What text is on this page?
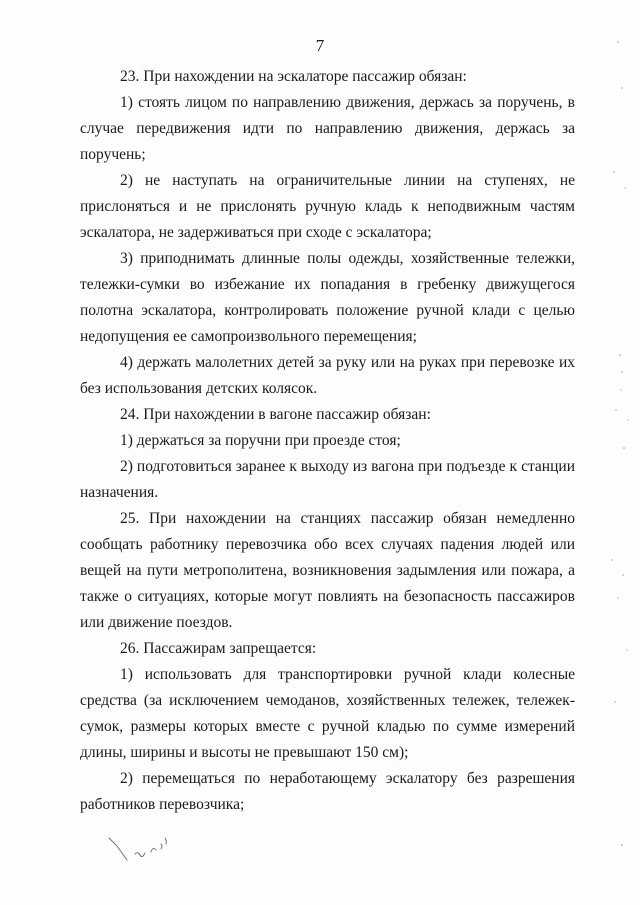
7

23. При нахождении на эскалаторе пассажир обязан:

1) стоять лицом по направлению движения, держась за поручень, в случае передвижения идти по направлению движения, держась за поручень;

2) не наступать на ограничительные линии на ступенях, не прислоняться и не прислонять ручную кладь к неподвижным частям эскалатора, не задерживаться при сходе с эскалатора;

3) приподнимать длинные полы одежды, хозяйственные тележки, тележки-сумки во избежание их попадания в гребенку движущегося полотна эскалатора, контролировать положение ручной клади с целью недопущения ее самопроизвольного перемещения;

4) держать малолетних детей за руку или на руках при перевозке их без использования детских колясок.

24. При нахождении в вагоне пассажир обязан:

1) держаться за поручни при проезде стоя;

2) подготовиться заранее к выходу из вагона при подъезде к станции назначения.

25. При нахождении на станциях пассажир обязан немедленно сообщать работнику перевозчика обо всех случаях падения людей или вещей на пути метрополитена, возникновения задымления или пожара, а также о ситуациях, которые могут повлиять на безопасность пассажиров или движение поездов.

26. Пассажирам запрещается:

1) использовать для транспортировки ручной клади колесные средства (за исключением чемоданов, хозяйственных тележек, тележек-сумок, размеры которых вместе с ручной кладью по сумме измерений длины, ширины и высоты не превышают 150 см);

2) перемещаться по неработающему эскалатору без разрешения работников перевозчика;
